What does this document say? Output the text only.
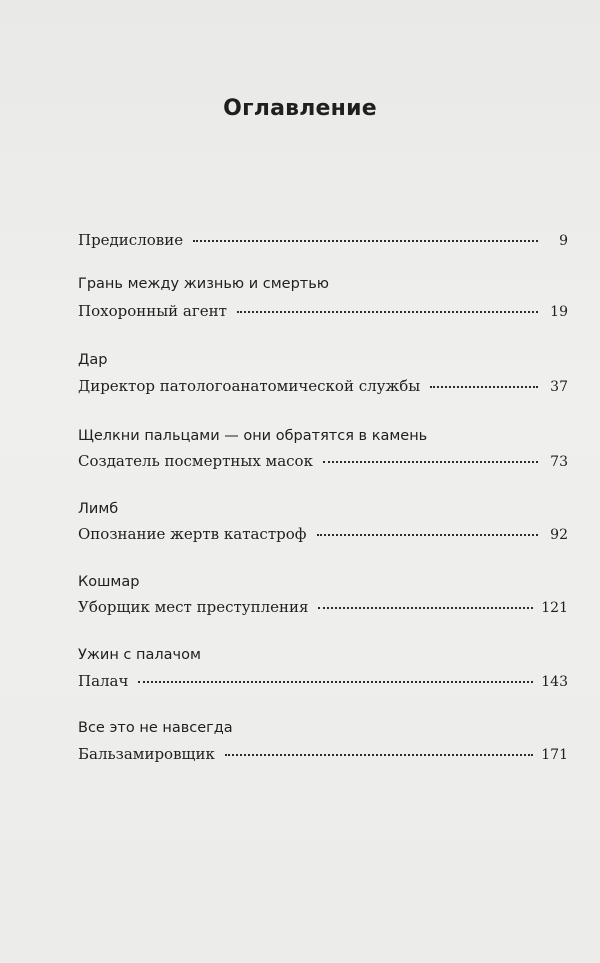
Оглавление
Предисловие	9
Грань между жизнью и смертью
Похоронный агент	19
Дар
Директор патологоанатомической службы	37
Щелкни пальцами — они обратятся в камень
Создатель посмертных масок	73
Лимб
Опознание жертв катастроф	92
Кошмар
Уборщик мест преступления	121
Ужин с палачом
Палач	143
Все это не навсегда
Бальзамировщик	171
